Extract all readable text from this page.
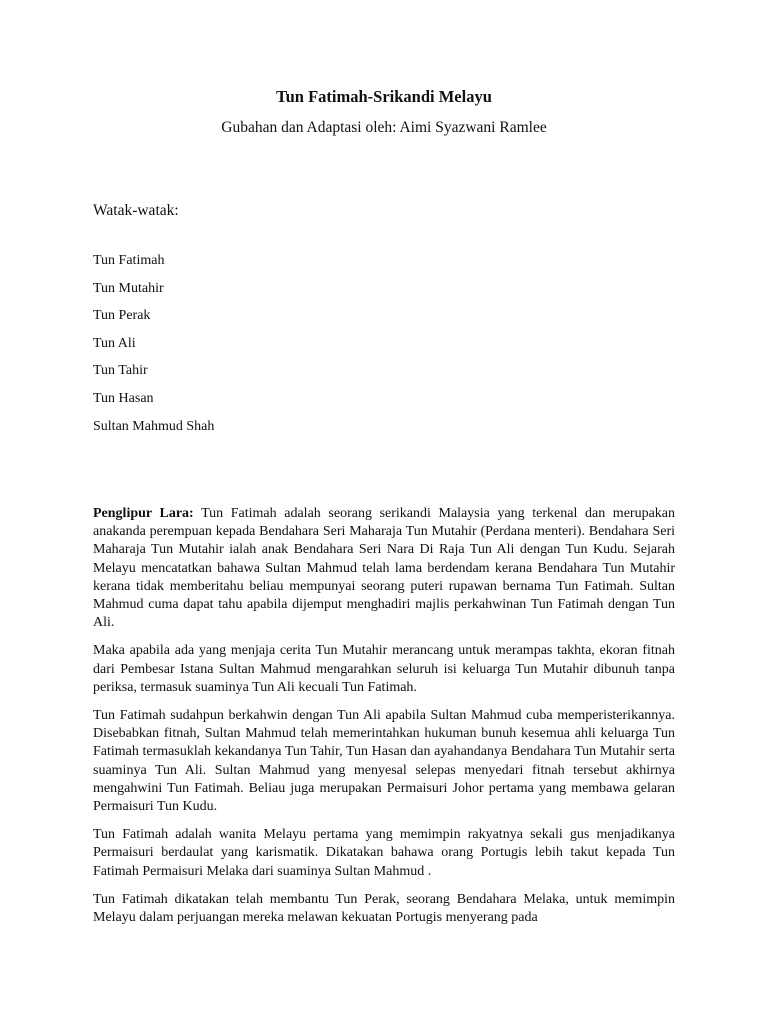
Tun Fatimah-Srikandi Melayu
Gubahan dan Adaptasi oleh: Aimi Syazwani Ramlee
Watak-watak:
Tun Fatimah
Tun Mutahir
Tun Perak
Tun Ali
Tun Tahir
Tun Hasan
Sultan Mahmud Shah

Penglipur Lara: Tun Fatimah adalah seorang serikandi Malaysia yang terkenal dan merupakan anakanda perempuan kepada Bendahara Seri Maharaja Tun Mutahir (Perdana menteri). Bendahara Seri Maharaja Tun Mutahir ialah anak Bendahara Seri Nara Di Raja Tun Ali dengan Tun Kudu. Sejarah Melayu mencatatkan bahawa Sultan Mahmud telah lama berdendam kerana Bendahara Tun Mutahir kerana tidak memberitahu beliau mempunyai seorang puteri rupawan bernama Tun Fatimah. Sultan Mahmud cuma dapat tahu apabila dijemput menghadiri majlis perkahwinan Tun Fatimah dengan Tun Ali.

Maka apabila ada yang menjaja cerita Tun Mutahir merancang untuk merampas takhta, ekoran fitnah dari Pembesar Istana Sultan Mahmud mengarahkan seluruh isi keluarga Tun Mutahir dibunuh tanpa periksa, termasuk suaminya Tun Ali kecuali Tun Fatimah.

Tun Fatimah sudahpun berkahwin dengan Tun Ali apabila Sultan Mahmud cuba memperisterikannya. Disebabkan fitnah, Sultan Mahmud telah memerintahkan hukuman bunuh kesemua ahli keluarga Tun Fatimah termasuklah kekandanya Tun Tahir, Tun Hasan dan ayahandanya Bendahara Tun Mutahir serta suaminya Tun Ali. Sultan Mahmud yang menyesal selepas menyedari fitnah tersebut akhirnya mengahwini Tun Fatimah. Beliau juga merupakan Permaisuri Johor pertama yang membawa gelaran Permaisuri Tun Kudu.

Tun Fatimah adalah wanita Melayu pertama yang memimpin rakyatnya sekali gus menjadikanya Permaisuri berdaulat yang karismatik. Dikatakan bahawa orang Portugis lebih takut kepada Tun Fatimah Permaisuri Melaka dari suaminya Sultan Mahmud .

Tun Fatimah dikatakan telah membantu Tun Perak, seorang Bendahara Melaka, untuk memimpin Melayu dalam perjuangan mereka melawan kekuatan Portugis menyerang pada
